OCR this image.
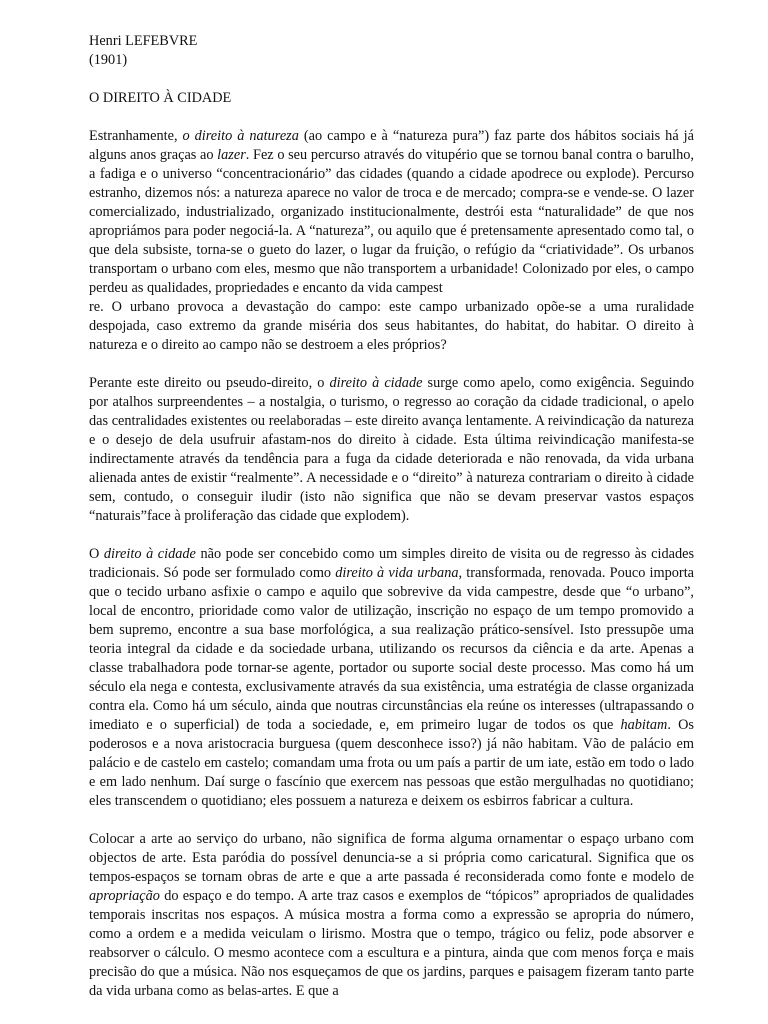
Henri LEFEBVRE
(1901)
O DIREITO À CIDADE

Estranhamente, o direito à natureza (ao campo e à “natureza pura”) faz parte dos hábitos sociais há já alguns anos graças ao lazer. Fez o seu percurso através do vitupério que se tornou banal contra o barulho, a fadiga e o universo “concentracionário” das cidades (quando a cidade apodrece ou explode). Percurso estranho, dizemos nós: a natureza aparece no valor de troca e de mercado; compra-se e vende-se. O lazer comercializado, industrializado, organizado institucionalmente, destrói esta “naturalidade” de que nos apropriámos para poder negociá-la. A “natureza”, ou aquilo que é pretensamente apresentado como tal, o que dela subsiste, torna-se o gueto do lazer, o lugar da fruição, o refúgio da “criatividade”. Os urbanos transportam o urbano com eles, mesmo que não transportem a urbanidade! Colonizado por eles, o campo perdeu as qualidades, propriedades e encanto da vida campest
re. O urbano provoca a devastação do campo: este campo urbanizado opõe-se a uma ruralidade despojada, caso extremo da grande miséria dos seus habitantes, do habitat, do habitar. O direito à natureza e o direito ao campo não se destroem a eles próprios?

Perante este direito ou pseudo-direito, o direito à cidade surge como apelo, como exigência. Seguindo por atalhos surpreendentes – a nostalgia, o turismo, o regresso ao coração da cidade tradicional, o apelo das centralidades existentes ou reelaboradas – este direito avança lentamente. A reivindicação da natureza e o desejo de dela usufruir afastam-nos do direito à cidade. Esta última reivindicação manifesta-se indirectamente através da tendência para a fuga da cidade deteriorada e não renovada, da vida urbana alienada antes de existir “realmente”. A necessidade e o “direito” à natureza contrariam o direito à cidade sem, contudo, o conseguir iludir (isto não significa que não se devam preservar vastos espaços “naturais”face à proliferação das cidade que explodem).

O direito à cidade não pode ser concebido como um simples direito de visita ou de regresso às cidades tradicionais. Só pode ser formulado como direito à vida urbana, transformada, renovada. Pouco importa que o tecido urbano asfixie o campo e aquilo que sobrevive da vida campestre, desde que “o urbano”, local de encontro, prioridade como valor de utilização, inscrição no espaço de um tempo promovido a bem supremo, encontre a sua base morfológica, a sua realização prático-sensível. Isto pressupõe uma teoria integral da cidade e da sociedade urbana, utilizando os recursos da ciência e da arte. Apenas a classe trabalhadora pode tornar-se agente, portador ou suporte social deste processo. Mas como há um século ela nega e contesta, exclusivamente através da sua existência, uma estratégia de classe organizada contra ela. Como há um século, ainda que noutras circunstâncias ela reúne os interesses (ultrapassando o imediato e o superficial) de toda a sociedade, e, em primeiro lugar de todos os que habitam. Os poderosos e a nova aristocracia burguesa (quem desconhece isso?) já não habitam. Vão de palácio em palácio e de castelo em castelo; comandam uma frota ou um país a partir de um iate, estão em todo o lado e em lado nenhum. Daí surge o fascínio que exercem nas pessoas que estão mergulhadas no quotidiano; eles transcendem o quotidiano; eles possuem a natureza e deixem os esbirros fabricar a cultura.

Colocar a arte ao serviço do urbano, não significa de forma alguma ornamentar o espaço urbano com objectos de arte. Esta paródia do possível denuncia-se a si própria como caricatural. Significa que os tempos-espaços se tornam obras de arte e que a arte passada é reconsiderada como fonte e modelo de apropriação do espaço e do tempo. A arte traz casos e exemplos de “tópicos” apropriados de qualidades temporais inscritas nos espaços. A música mostra a forma como a expressão se apropria do número, como a ordem e a medida veiculam o lirismo. Mostra que o tempo, trágico ou feliz, pode absorver e reabsorver o cálculo. O mesmo acontece com a escultura e a pintura, ainda que com menos força e mais precisão do que a música. Não nos esqueçamos de que os jardins, parques e paisagem fizeram tanto parte da vida urbana como as belas-artes. E que a
